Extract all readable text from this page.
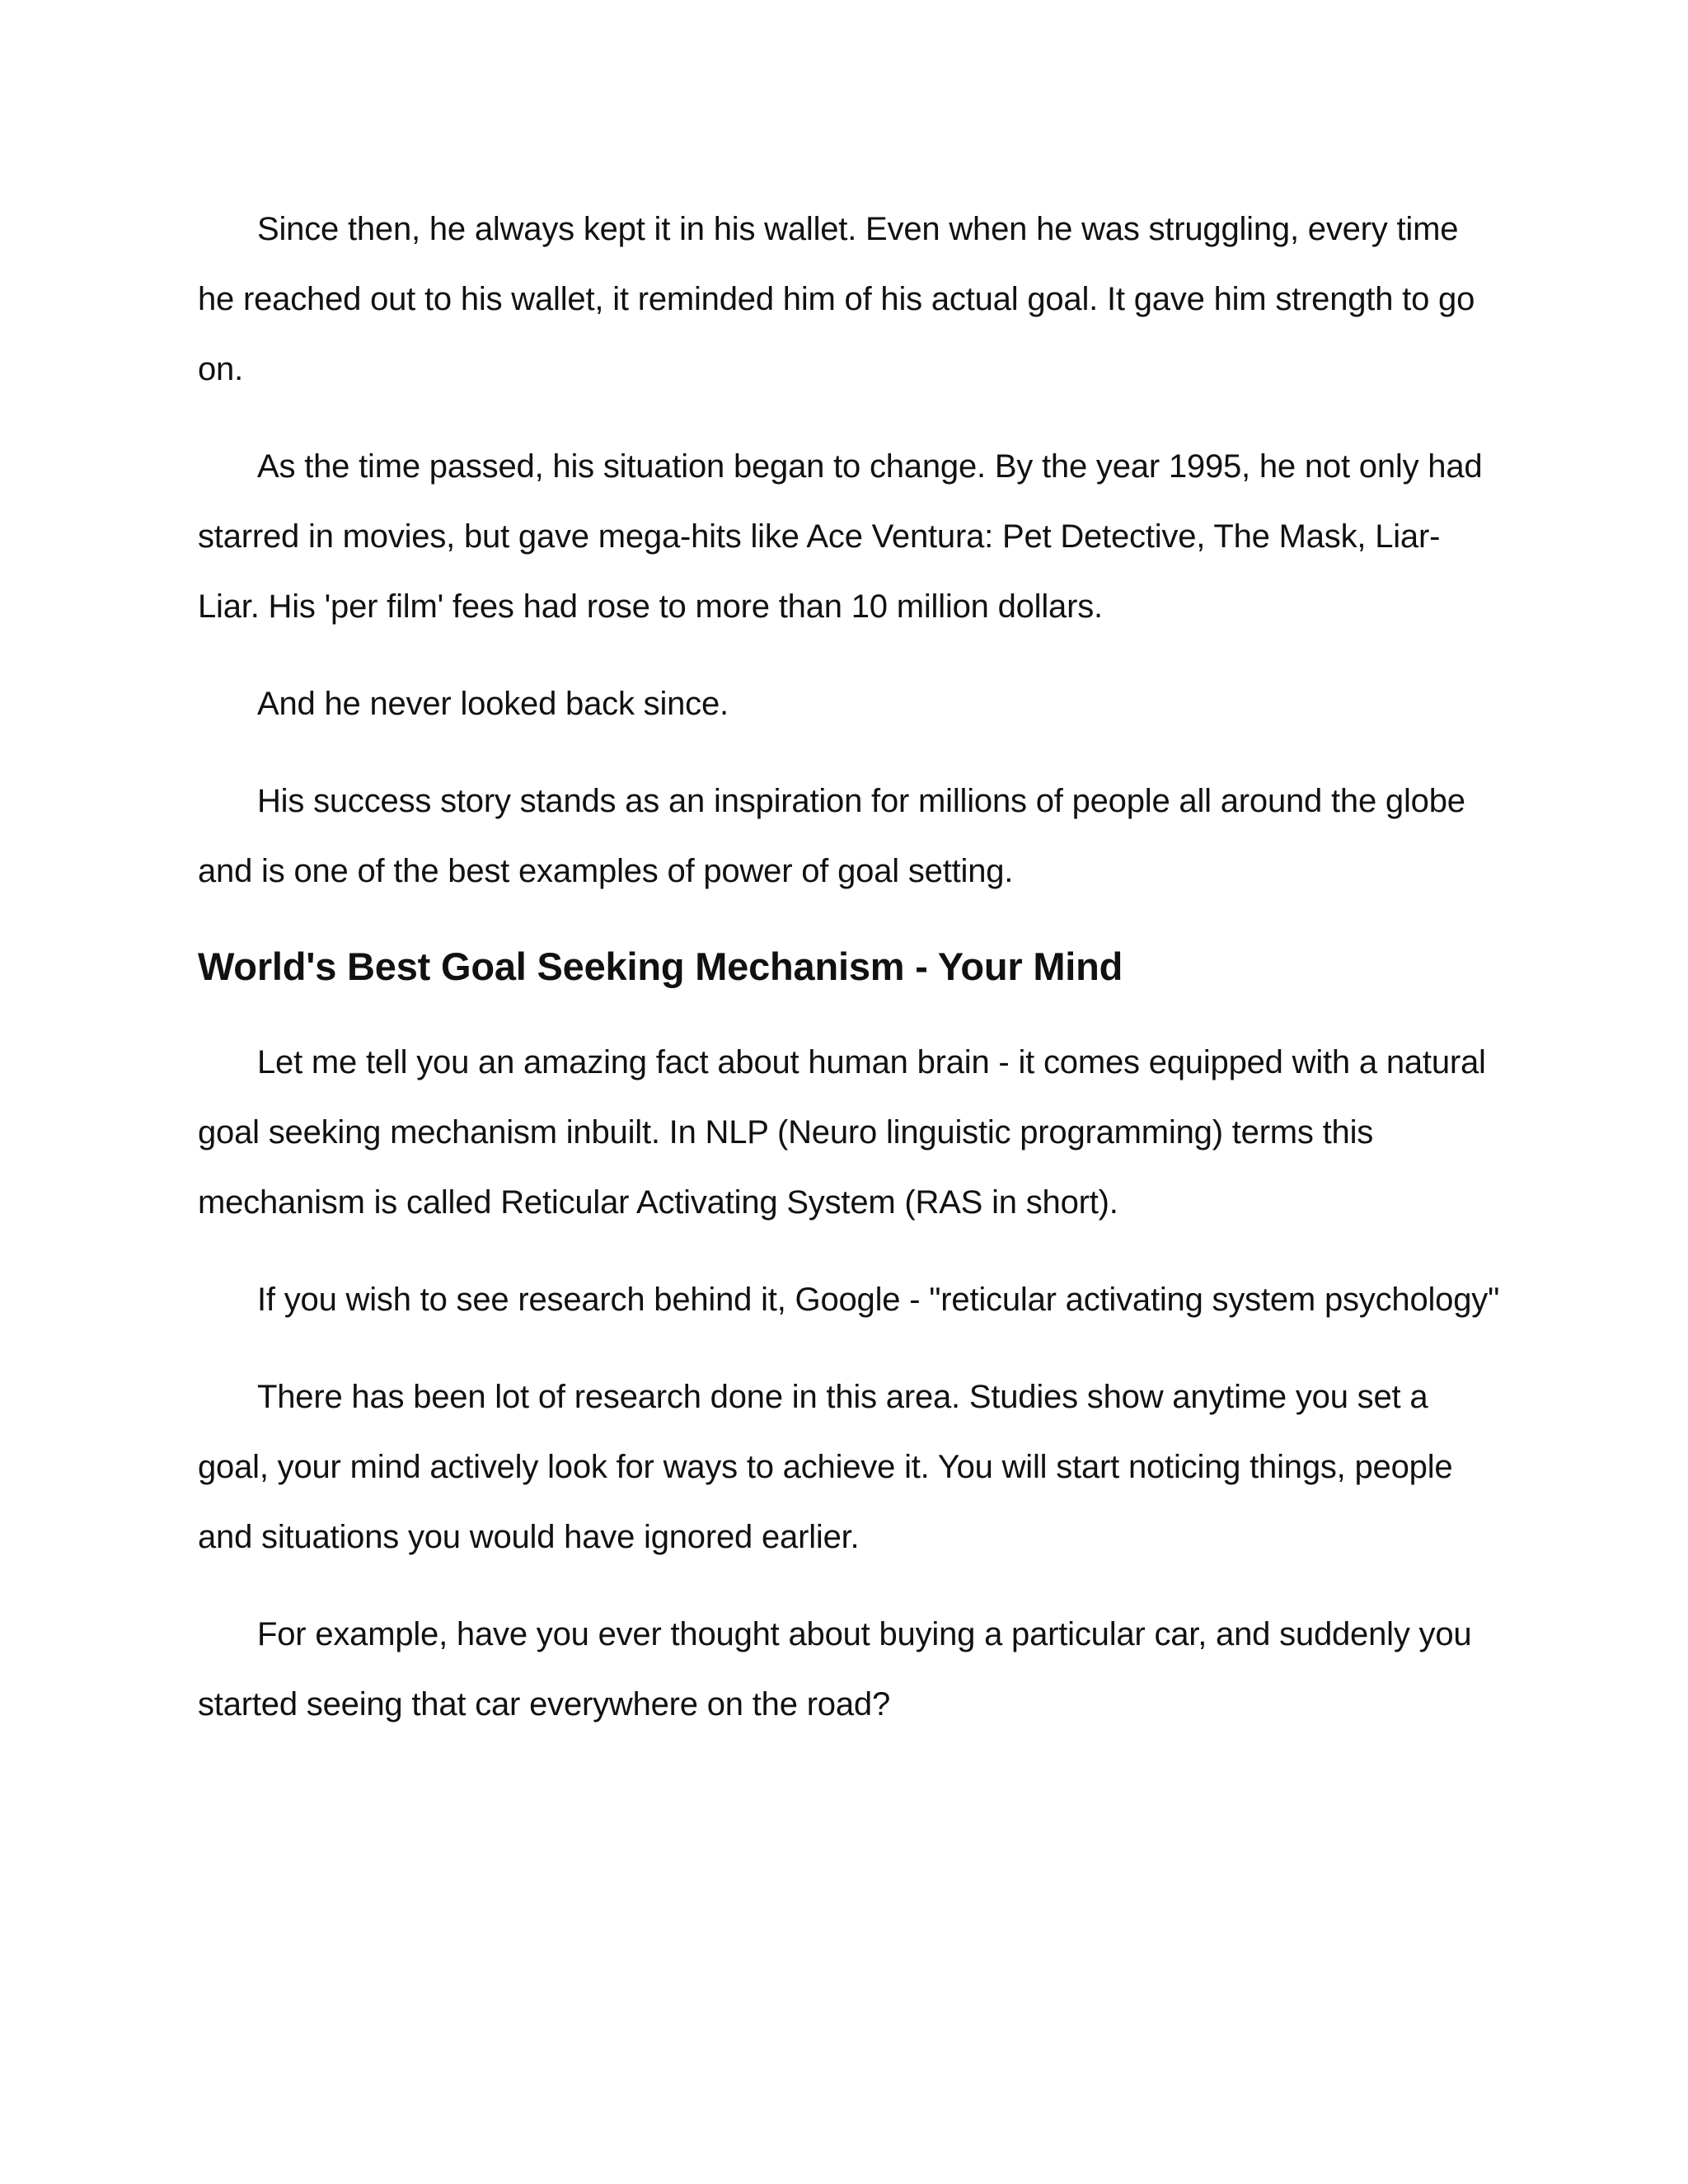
Since then, he always kept it in his wallet. Even when he was struggling, every time he reached out to his wallet, it reminded him of his actual goal. It gave him strength to go on.

As the time passed, his situation began to change. By the year 1995, he not only had starred in movies, but gave mega-hits like Ace Ventura: Pet Detective, The Mask, Liar-Liar. His 'per film' fees had rose to more than 10 million dollars.

And he never looked back since.

His success story stands as an inspiration for millions of people all around the globe and is one of the best examples of power of goal setting.

World's Best Goal Seeking Mechanism - Your Mind

Let me tell you an amazing fact about human brain - it comes equipped with a natural goal seeking mechanism inbuilt. In NLP (Neuro linguistic programming) terms this mechanism is called Reticular Activating System (RAS in short).

If you wish to see research behind it, Google - "reticular activating system psychology"

There has been lot of research done in this area. Studies show anytime you set a goal, your mind actively look for ways to achieve it. You will start noticing things, people and situations you would have ignored earlier.

For example, have you ever thought about buying a particular car, and suddenly you started seeing that car everywhere on the road?
